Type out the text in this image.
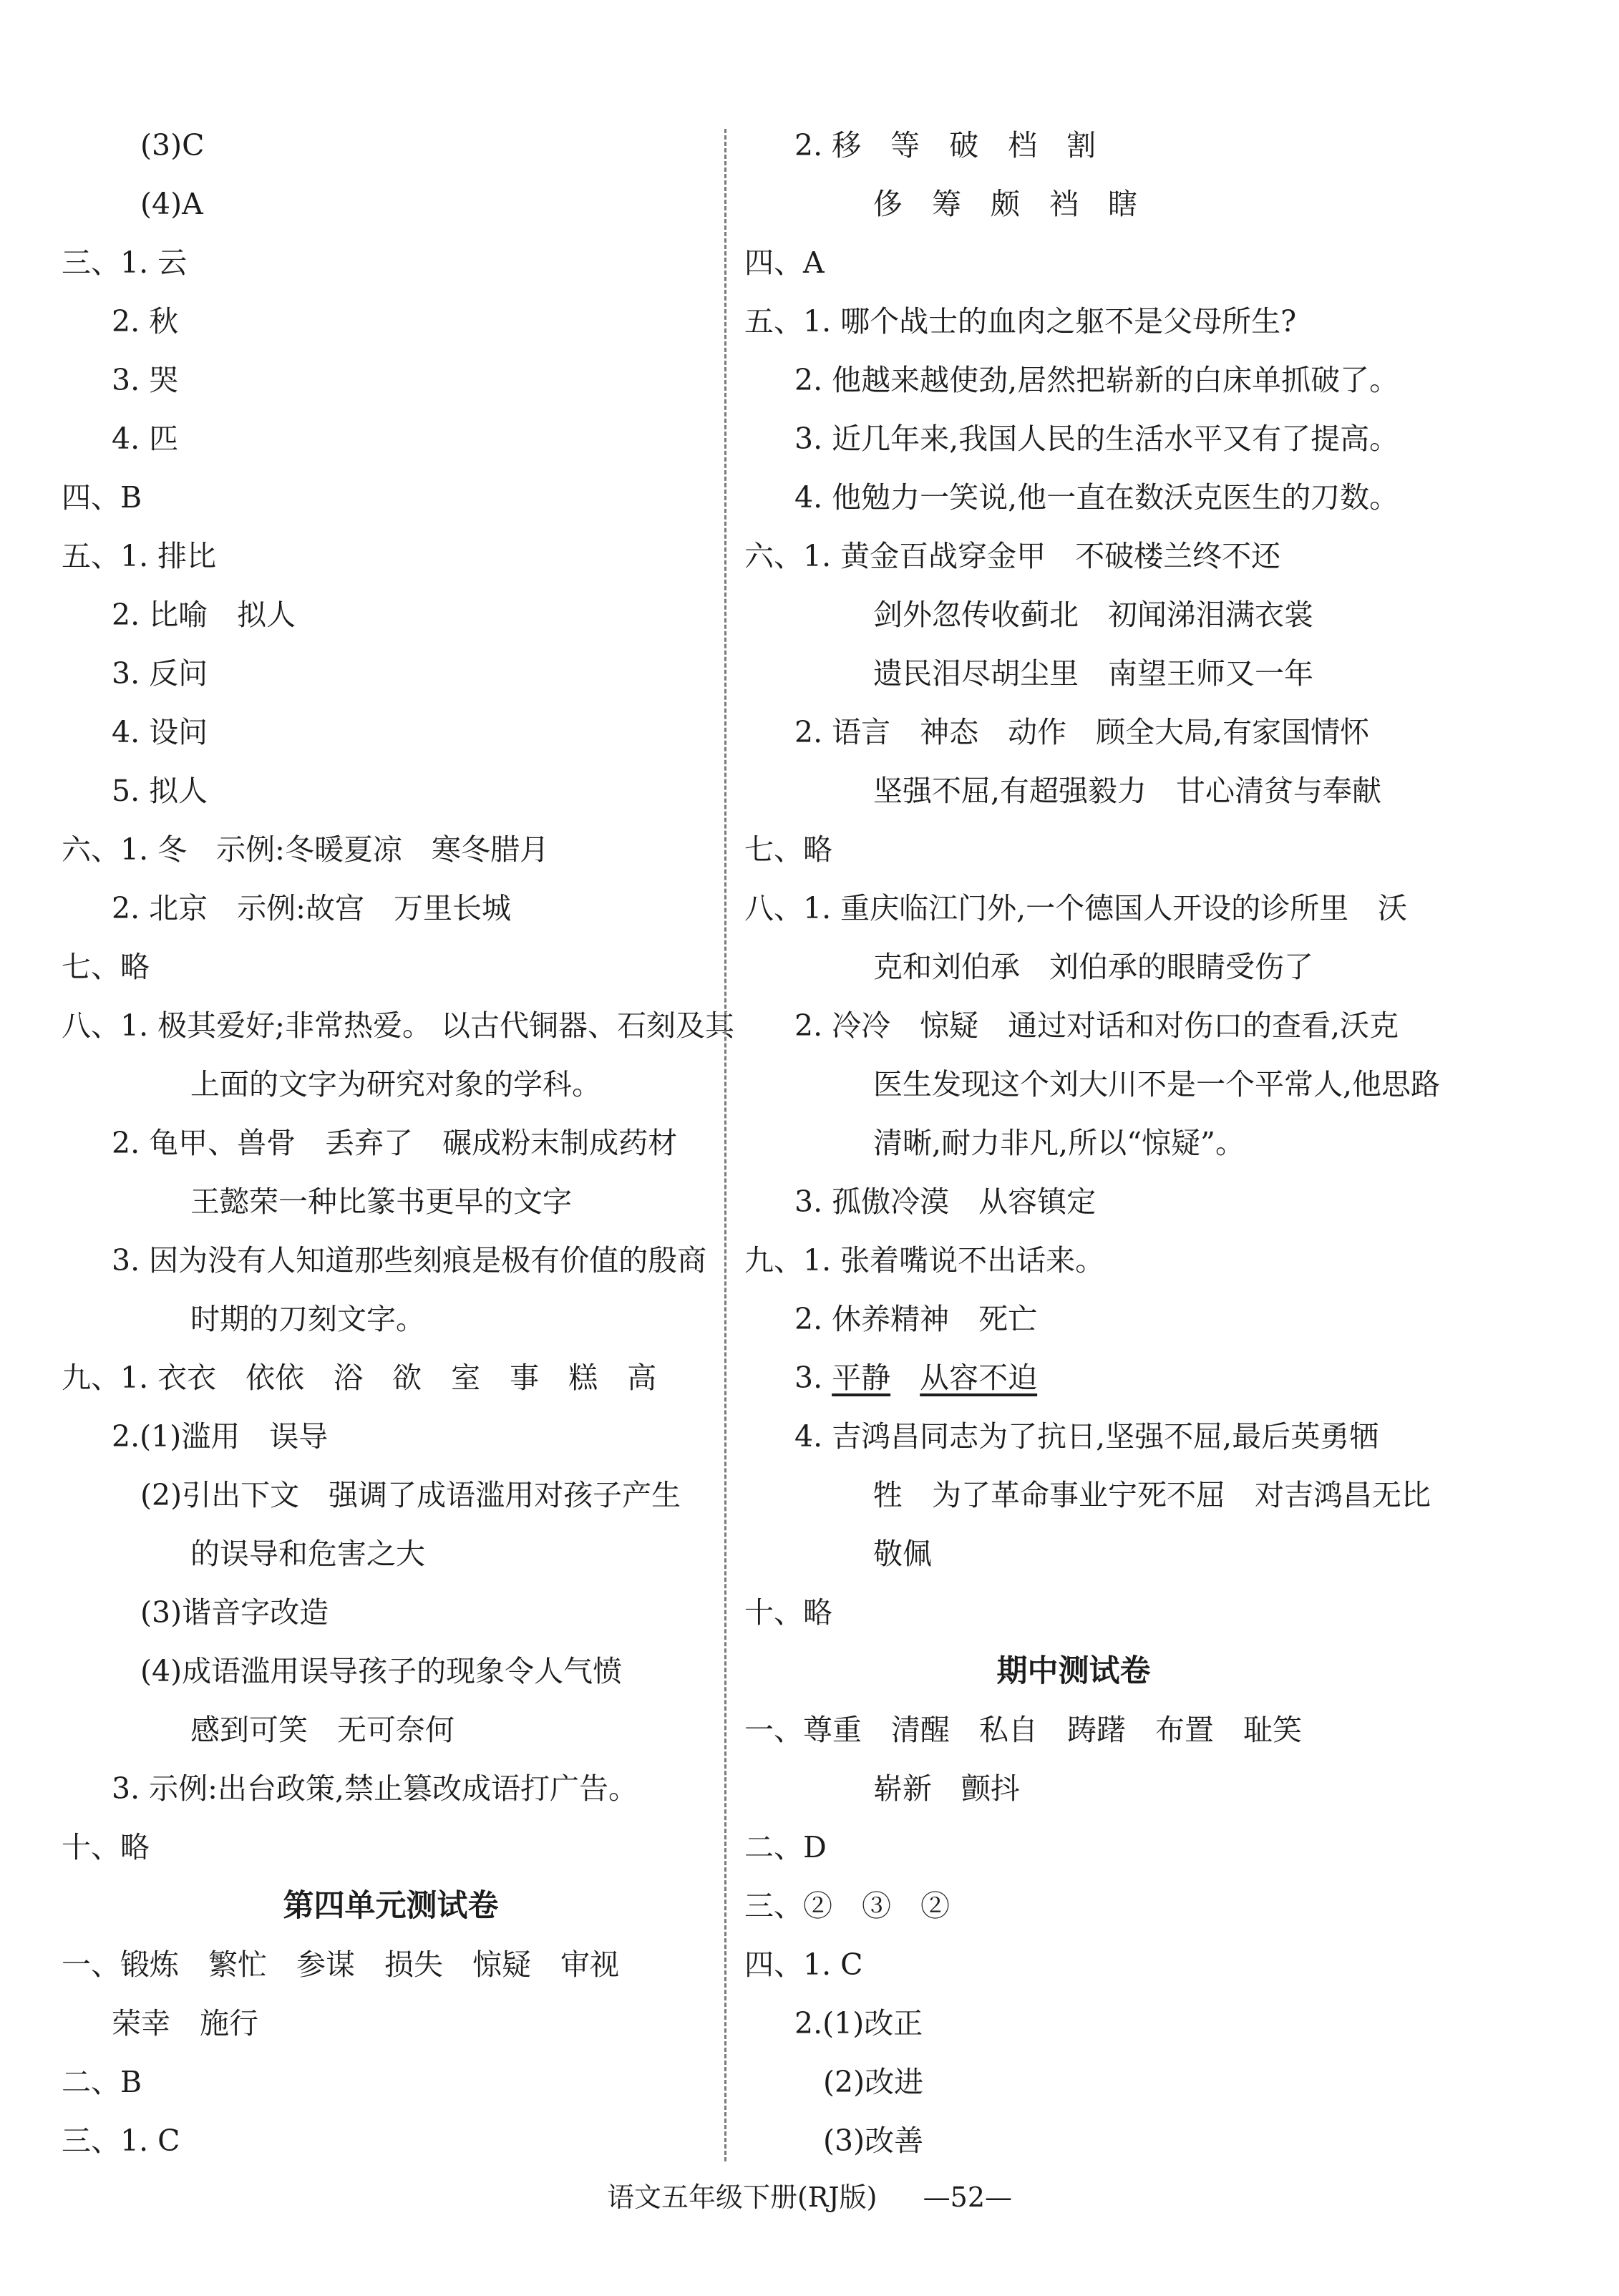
(3)C
(4)A
三、1. 云
2. 秋
3. 哭
4. 匹
四、B
五、1. 排比
2. 比喻　拟人
3. 反问
4. 设问
5. 拟人
六、1. 冬　示例:冬暖夏凉　寒冬腊月
2. 北京　示例:故宫　万里长城
七、略
八、1. 极其爱好;非常热爱。 以古代铜器、石刻及其
上面的文字为研究对象的学科。
2. 龟甲、兽骨　丢弃了　碾成粉末制成药材
王懿荣一种比篆书更早的文字
3. 因为没有人知道那些刻痕是极有价值的殷商
时期的刀刻文字。
九、1. 衣衣　依依　浴　欲　室　事　糕　高
2.(1)滥用　误导
(2)引出下文　强调了成语滥用对孩子产生
的误导和危害之大
(3)谐音字改造
(4)成语滥用误导孩子的现象令人气愤
感到可笑　无可奈何
3. 示例:出台政策,禁止篡改成语打广告。
十、略
第四单元测试卷
一、锻炼　繁忙　参谋　损失　惊疑　审视
荣幸　施行
二、B
三、1. C
2. 移　等　破　档　割
侈　筹　颇　裆　瞎
四、A
五、1. 哪个战士的血肉之躯不是父母所生?
2. 他越来越使劲,居然把崭新的白床单抓破了。
3. 近几年来,我国人民的生活水平又有了提高。
4. 他勉力一笑说,他一直在数沃克医生的刀数。
六、1. 黄金百战穿金甲　不破楼兰终不还
剑外忽传收蓟北　初闻涕泪满衣裳
遗民泪尽胡尘里　南望王师又一年
2. 语言　神态　动作　顾全大局,有家国情怀
坚强不屈,有超强毅力　甘心清贫与奉献
七、略
八、1. 重庆临江门外,一个德国人开设的诊所里　沃
克和刘伯承　刘伯承的眼睛受伤了
2. 冷冷　惊疑　通过对话和对伤口的查看,沃克
医生发现这个刘大川不是一个平常人,他思路
清晰,耐力非凡,所以“惊疑”。
3. 孤傲冷漠　从容镇定
九、1. 张着嘴说不出话来。
2. 休养精神　死亡
3. 平静　 从容不迫
4. 吉鸿昌同志为了抗日,坚强不屈,最后英勇牺
牲　为了革命事业宁死不屈　对吉鸿昌无比
敬佩
十、略
期中测试卷
一、尊重　清醒　私自　踌躇　布置　耻笑
崭新　颤抖
二、D
三、②　③　②
四、1. C
2.(1)改正
(2)改进
(3)改善
语文五年级下册(RJ版) —52—
